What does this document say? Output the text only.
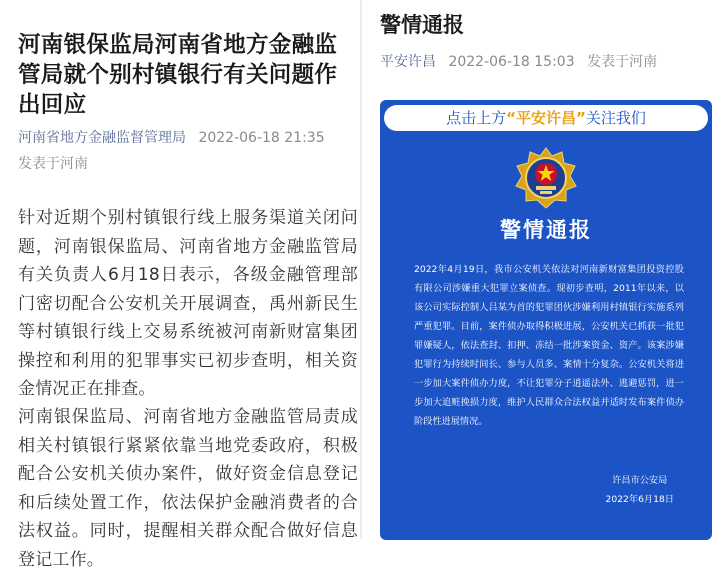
河南银保监局河南省地方金融监管局就个别村镇银行有关问题作出回应
河南省地方金融监督管理局 2022-06-18 21:35
发表于河南
针对近期个别村镇银行线上服务渠道关闭问题，河南银保监局、河南省地方金融监管局有关负责人6月18日表示，各级金融管理部门密切配合公安机关开展调查，禹州新民生等村镇银行线上交易系统被河南新财富集团操控和利用的犯罪事实已初步查明，相关资金情况正在排查。
河南银保监局、河南省地方金融监管局责成相关村镇银行紧紧依靠当地党委政府，积极配合公安机关侦办案件，做好资金信息登记和后续处置工作，依法保护金融消费者的合法权益。同时，提醒相关群众配合做好信息登记工作。
警情通报
平安许昌 2022-06-18 15:03 发表于河南
点击上方“平安许昌”关注我们
警情通报
2022年4月19日，我市公安机关依法对河南新财富集团投资控股有限公司涉嫌重大犯罪立案侦查。现初步查明，2011年以来，以该公司实际控制人吕某为首的犯罪团伙涉嫌利用村镇银行实施系列严重犯罪。目前，案件侦办取得积极进展，公安机关已抓获一批犯罪嫌疑人，依法查封、扣押、冻结一批涉案资金、资产。该案涉嫌犯罪行为持续时间长、参与人员多、案情十分复杂。公安机关将进一步加大案件侦办力度，不让犯罪分子逍遥法外、逃避惩罚，进一步加大追赃挽损力度，维护人民群众合法权益并适时发布案件侦办阶段性进展情况。
许昌市公安局
2022年6月18日
